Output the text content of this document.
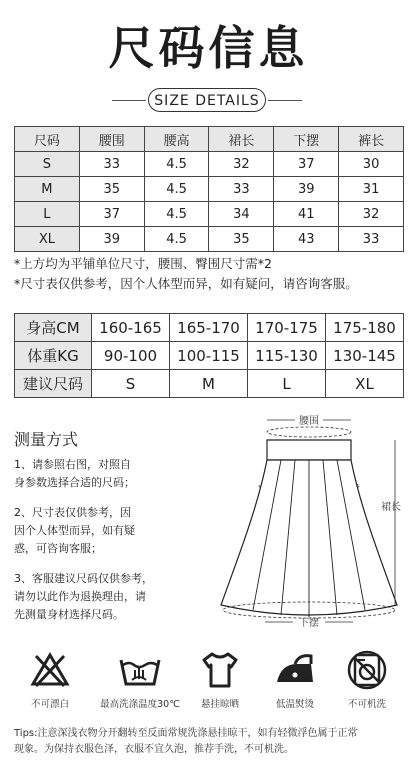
尺码信息
SIZE DETAILS
尺码	腰围	腰高	裙长	下摆	裤长
S	33	4.5	32	37	30
M	35	4.5	33	39	31
L	37	4.5	34	41	32
XL	39	4.5	35	43	33
*上方均为平铺单位尺寸，腰围、臀围尺寸需*2
*尺寸表仅供参考，因个人体型而异，如有疑问，请咨询客服。
身高CM	160-165	165-170	170-175	175-180
体重KG	90-100	100-115	115-130	130-145
建议尺码	S	M	L	XL
测量方式
1、请参照右图，对照自
身参数选择合适的尺码；
2、尺寸表仅供参考，因
因个人体型而异，如有疑
惑，可咨询客服；
3、客服建议尺码仅供参考，
请勿以此作为退换理由，请
先测量身材选择尺码。
腰围
裙长
下摆
不可漂白	最高洗涤温度30℃	悬挂晾晒	低温熨烫	不可机洗
Tips:注意深浅衣物分开翻转至反面常规洗涤悬挂晾干，如有轻微浮色属于正常
现象。为保持衣服色泽，衣服不宜久泡，推荐手洗，不可机洗。
